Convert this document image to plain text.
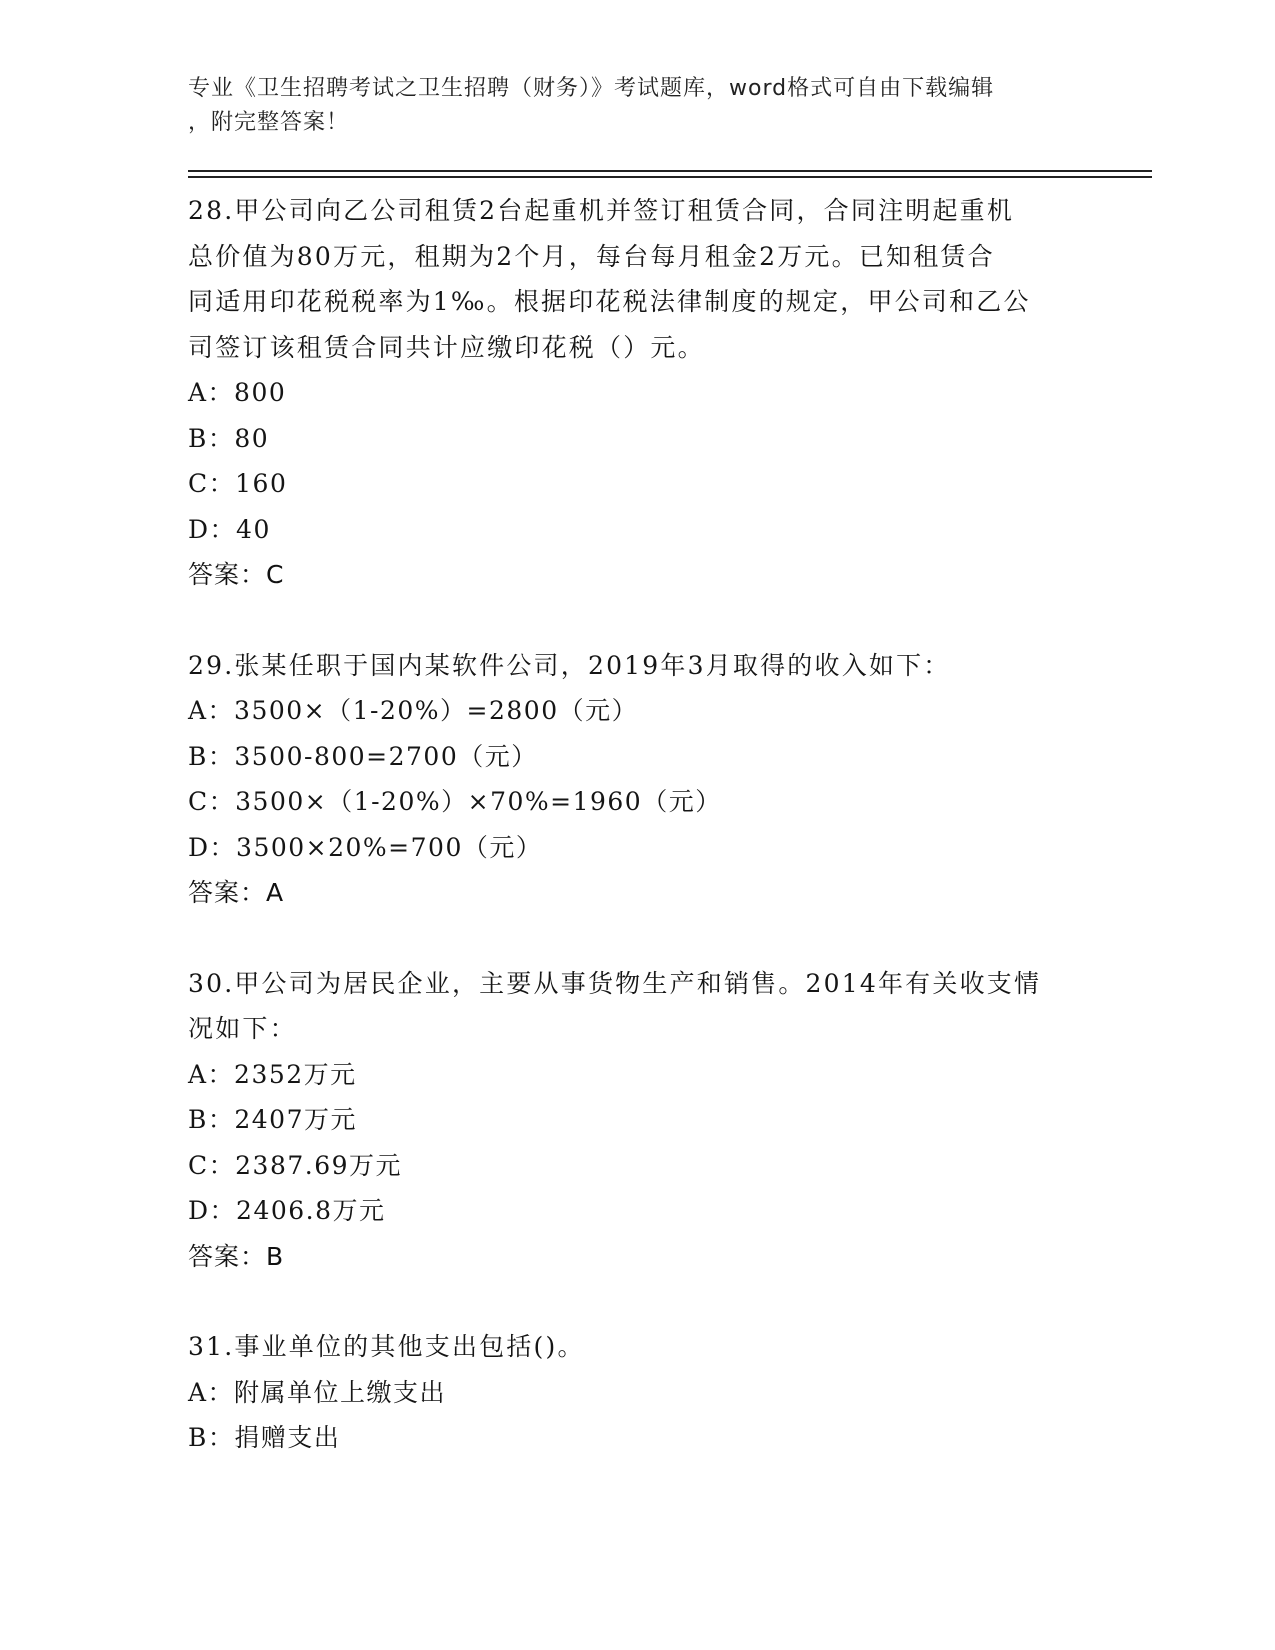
专业《卫生招聘考试之卫生招聘（财务）》考试题库，word格式可自由下载编辑
，附完整答案！
28.甲公司向乙公司租赁2台起重机并签订租赁合同，合同注明起重机
总价值为80万元，租期为2个月，每台每月租金2万元。已知租赁合
同适用印花税税率为1‰。根据印花税法律制度的规定，甲公司和乙公
司签订该租赁合同共计应缴印花税（）元。
A：800
B：80
C：160
D：40
答案：C
29.张某任职于国内某软件公司，2019年3月取得的收入如下：
A：3500×（1-20%）=2800（元）
B：3500-800=2700（元）
C：3500×（1-20%）×70%=1960（元）
D：3500×20%=700（元）
答案：A
30.甲公司为居民企业，主要从事货物生产和销售。2014年有关收支情
况如下：
A：2352万元
B：2407万元
C：2387.69万元
D：2406.8万元
答案：B
31.事业单位的其他支出包括()。
A：附属单位上缴支出
B：捐赠支出
